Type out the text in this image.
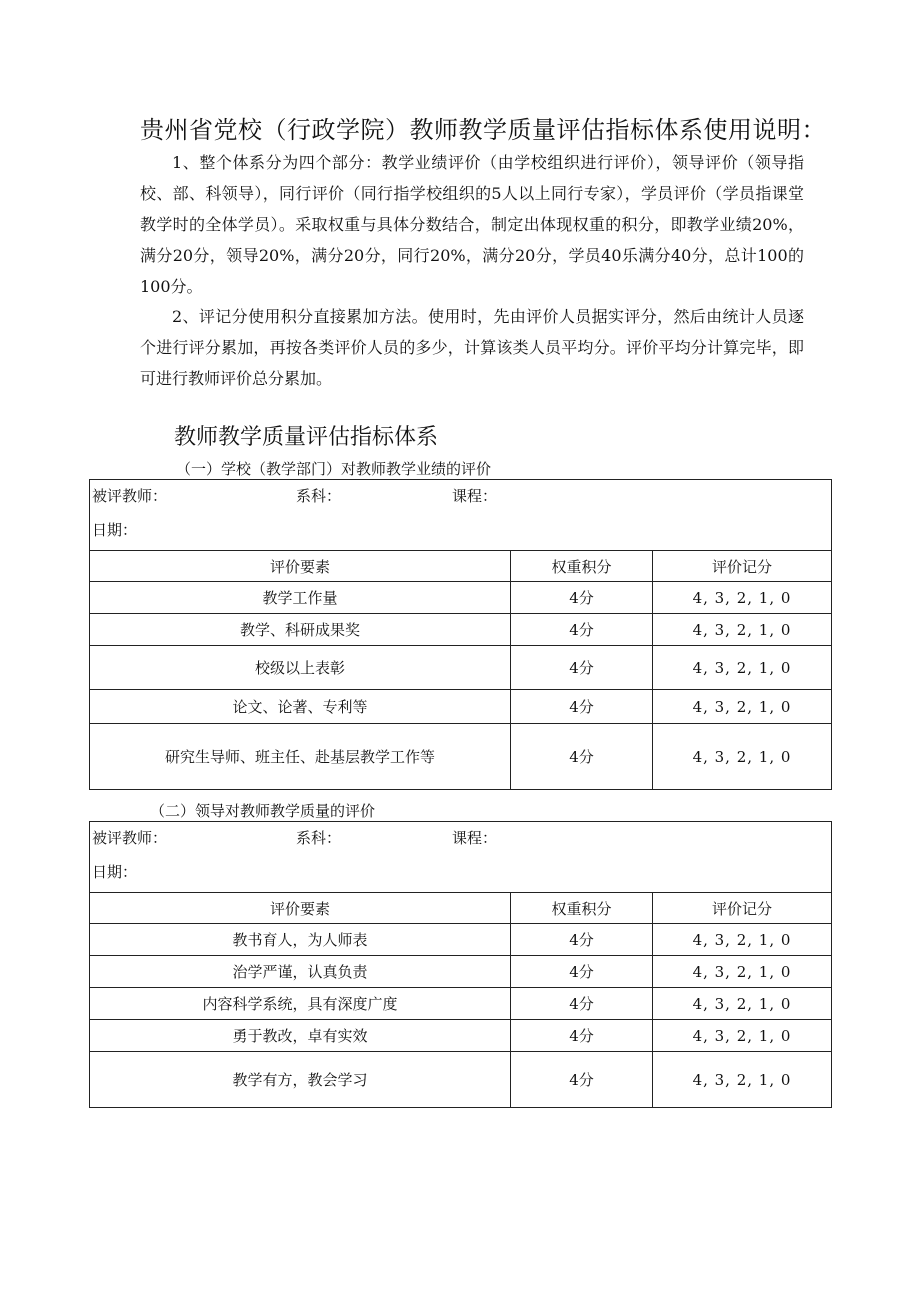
贵州省党校（行政学院）教师教学质量评估指标体系使用说明：
1、整个体系分为四个部分：教学业绩评价（由学校组织进行评价），领导评价（领导指校、部、科领导），同行评价（同行指学校组织的5人以上同行专家），学员评价（学员指课堂教学时的全体学员）。采取权重与具体分数结合，制定出体现权重的积分，即教学业绩20%，满分20分，领导20%，满分20分，同行20%，满分20分，学员40乐满分40分，总计100的100分。
2、评记分使用积分直接累加方法。使用时，先由评价人员据实评分，然后由统计人员逐个进行评分累加，再按各类评价人员的多少，计算该类人员平均分。评价平均分计算完毕，即可进行教师评价总分累加。
教师教学质量评估指标体系
（一）学校（教学部门）对教师教学业绩的评价
被评教师： 系科： 课程：
日期：		

评价要素	权重积分	评价记分
教学工作量	4分	4, 3, 2, 1, 0
教学、科研成果奖	4分	4, 3, 2, 1, 0
校级以上表彰	4分	4, 3, 2, 1, 0
论文、论著、专利等	4分	4, 3, 2, 1, 0
研究生导师、班主任、赴基层教学工作等	4分	4, 3, 2, 1, 0
（二）领导对教师教学质量的评价
被评教师： 系科： 课程：
日期：		

评价要素	权重积分	评价记分
教书育人，为人师表	4分	4, 3, 2, 1, 0
治学严谨，认真负责	4分	4, 3, 2, 1, 0
内容科学系统，具有深度广度	4分	4, 3, 2, 1, 0
勇于教改，卓有实效	4分	4, 3, 2, 1, 0
教学有方，教会学习	4分	4, 3, 2, 1, 0
